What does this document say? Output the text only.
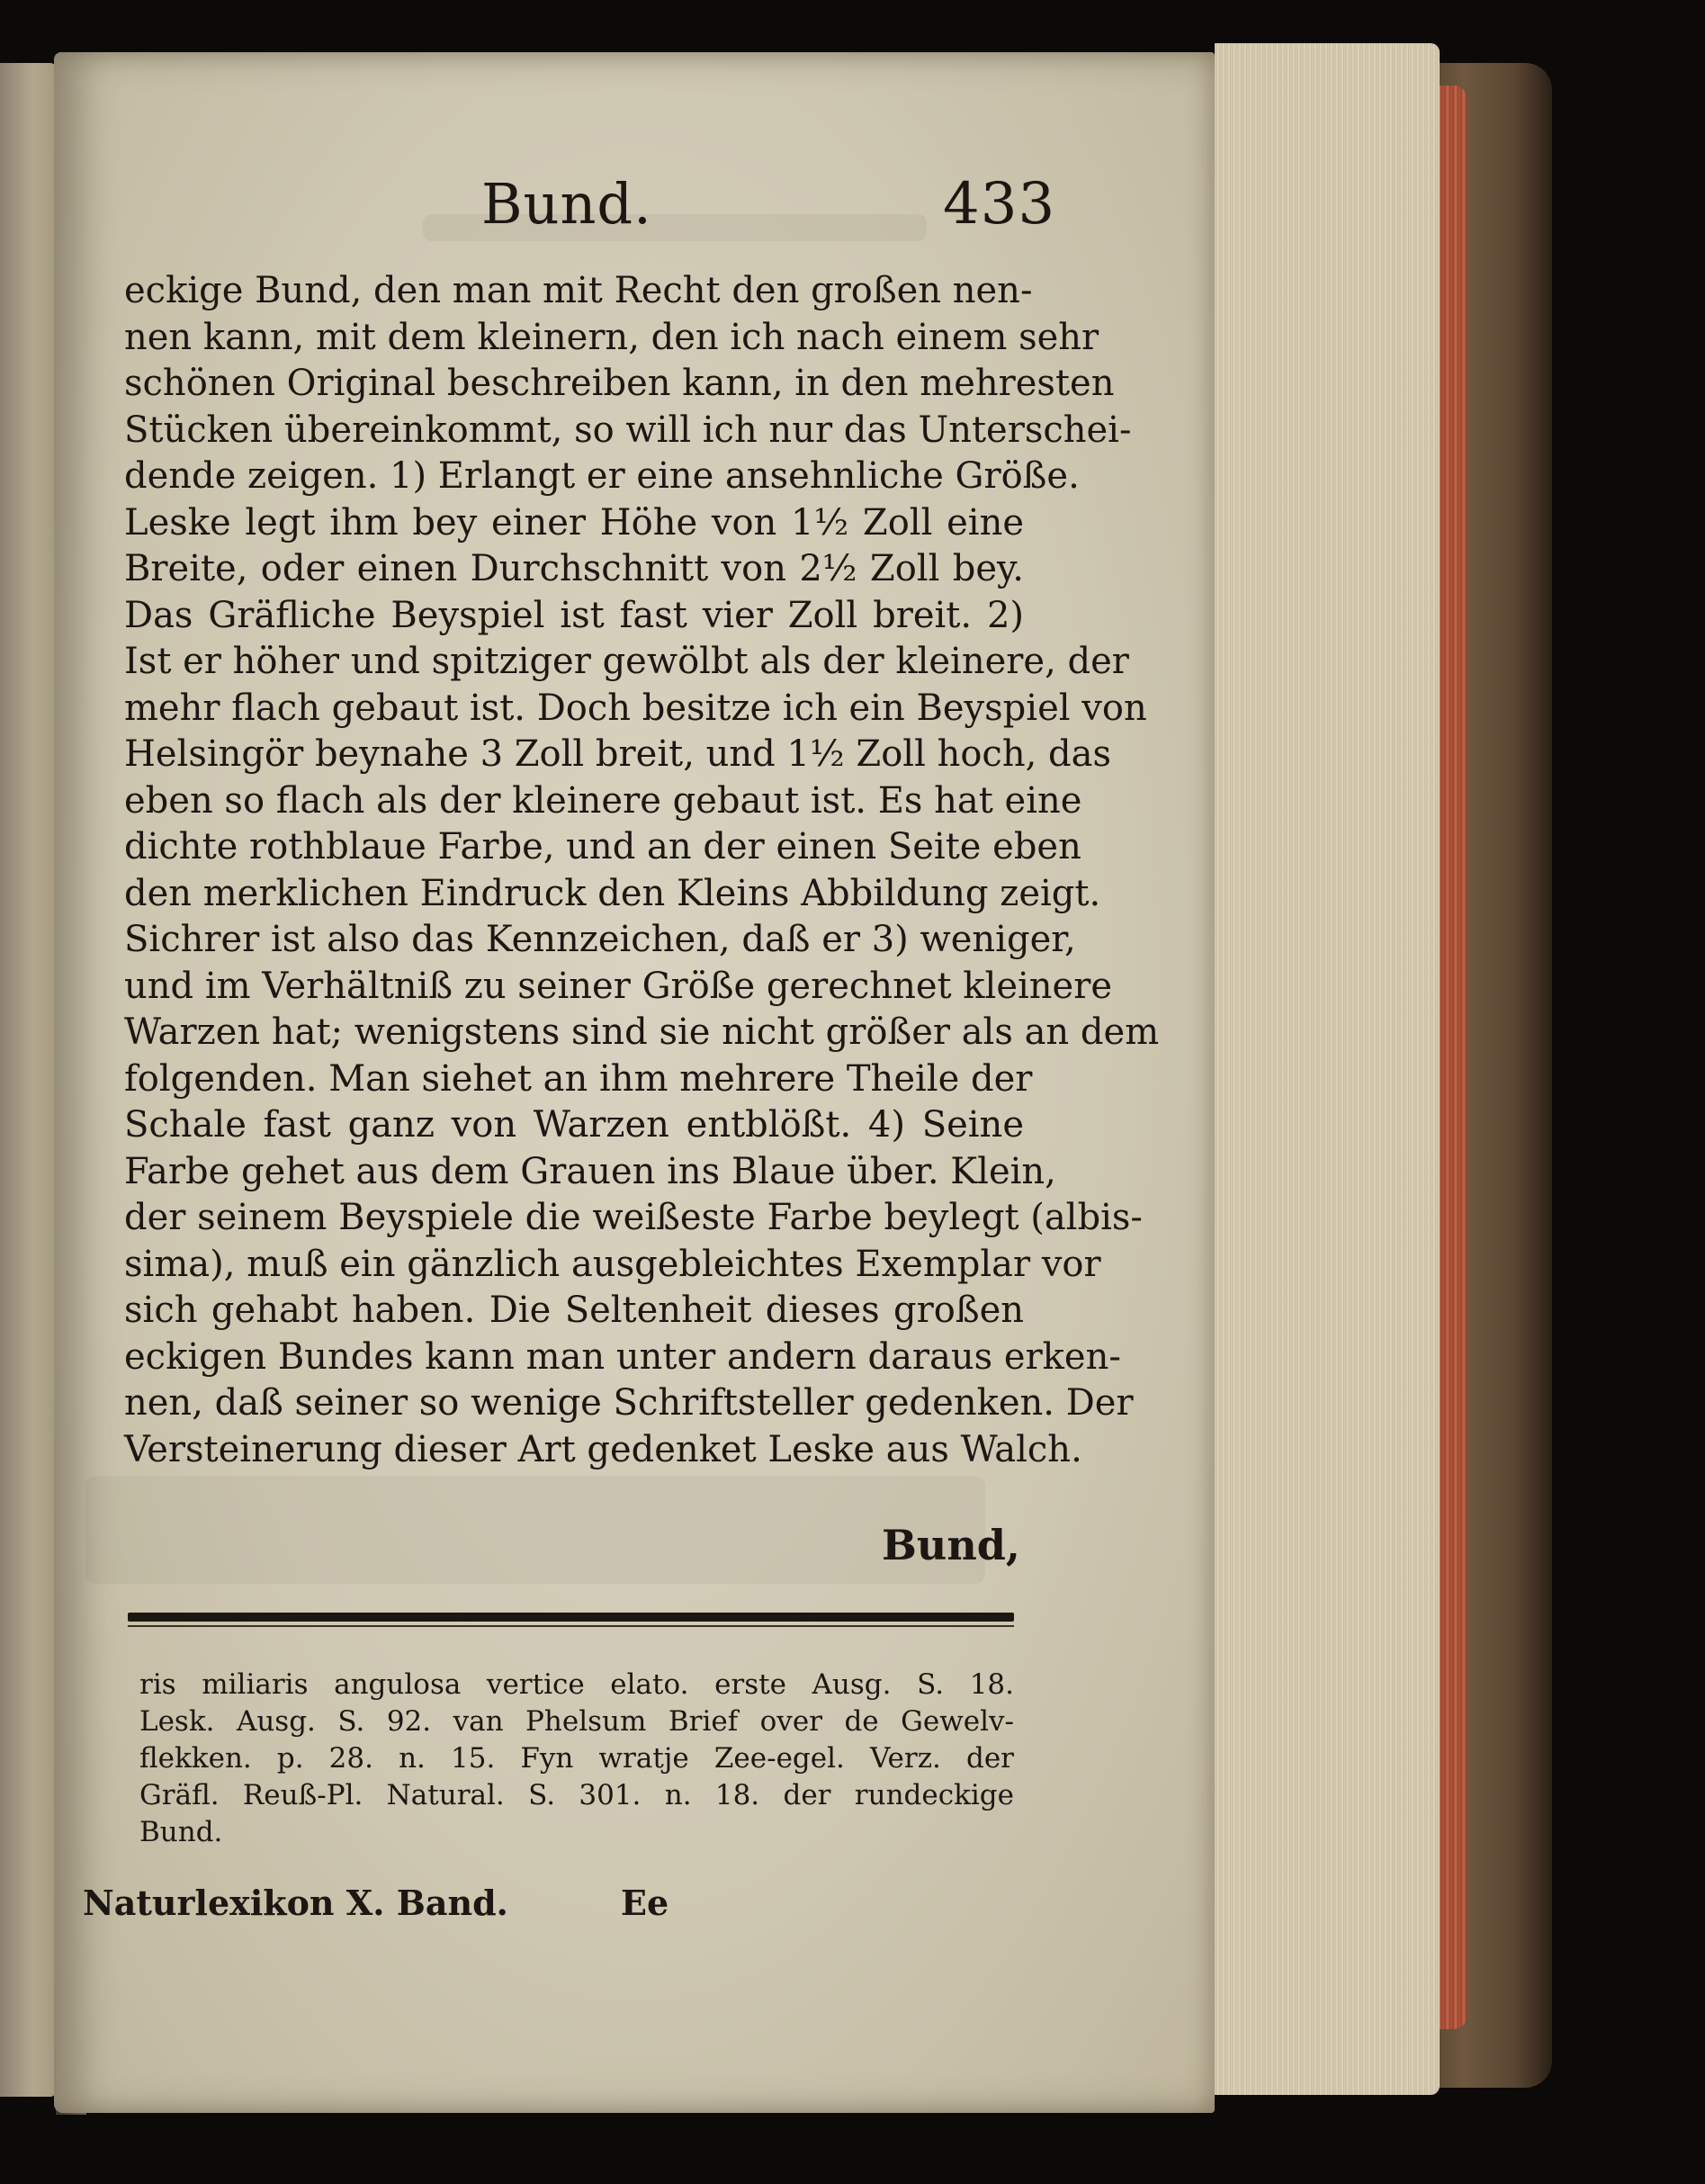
Bund.	433
eckige Bund, den man mit Recht den großen nen-
nen kann, mit dem kleinern, den ich nach einem sehr
schönen Original beschreiben kann, in den mehresten
Stücken übereinkommt, so will ich nur das Unterschei-
dende zeigen. 1) Erlangt er eine ansehnliche Größe.
Leske legt ihm bey einer Höhe von 1½ Zoll eine
Breite, oder einen Durchschnitt von 2½ Zoll bey.
Das Gräfliche Beyspiel ist fast vier Zoll breit. 2)
Ist er höher und spitziger gewölbt als der kleinere, der
mehr flach gebaut ist. Doch besitze ich ein Beyspiel von
Helsingör beynahe 3 Zoll breit, und 1½ Zoll hoch, das
eben so flach als der kleinere gebaut ist. Es hat eine
dichte rothblaue Farbe, und an der einen Seite eben
den merklichen Eindruck den Kleins Abbildung zeigt.
Sichrer ist also das Kennzeichen, daß er 3) weniger,
und im Verhältniß zu seiner Größe gerechnet kleinere
Warzen hat; wenigstens sind sie nicht größer als an dem
folgenden. Man siehet an ihm mehrere Theile der
Schale fast ganz von Warzen entblößt. 4) Seine
Farbe gehet aus dem Grauen ins Blaue über. Klein,
der seinem Beyspiele die weißeste Farbe beylegt (albis-
sima), muß ein gänzlich ausgebleichtes Exemplar vor
sich gehabt haben. Die Seltenheit dieses großen
eckigen Bundes kann man unter andern daraus erken-
nen, daß seiner so wenige Schriftsteller gedenken. Der
Versteinerung dieser Art gedenket Leske aus Walch.
Bund,
ris miliaris angulosa vertice elato. erste Ausg. S. 18.
Lesk. Ausg. S. 92. van Phelsum Brief over de Gewelv-
flekken. p. 28. n. 15. Fyn wratje Zee-egel. Verz. der
Gräfl. Reuß-Pl. Natural. S. 301. n. 18. der rundeckige
Bund.
Naturlexikon X. Band.	Ee
